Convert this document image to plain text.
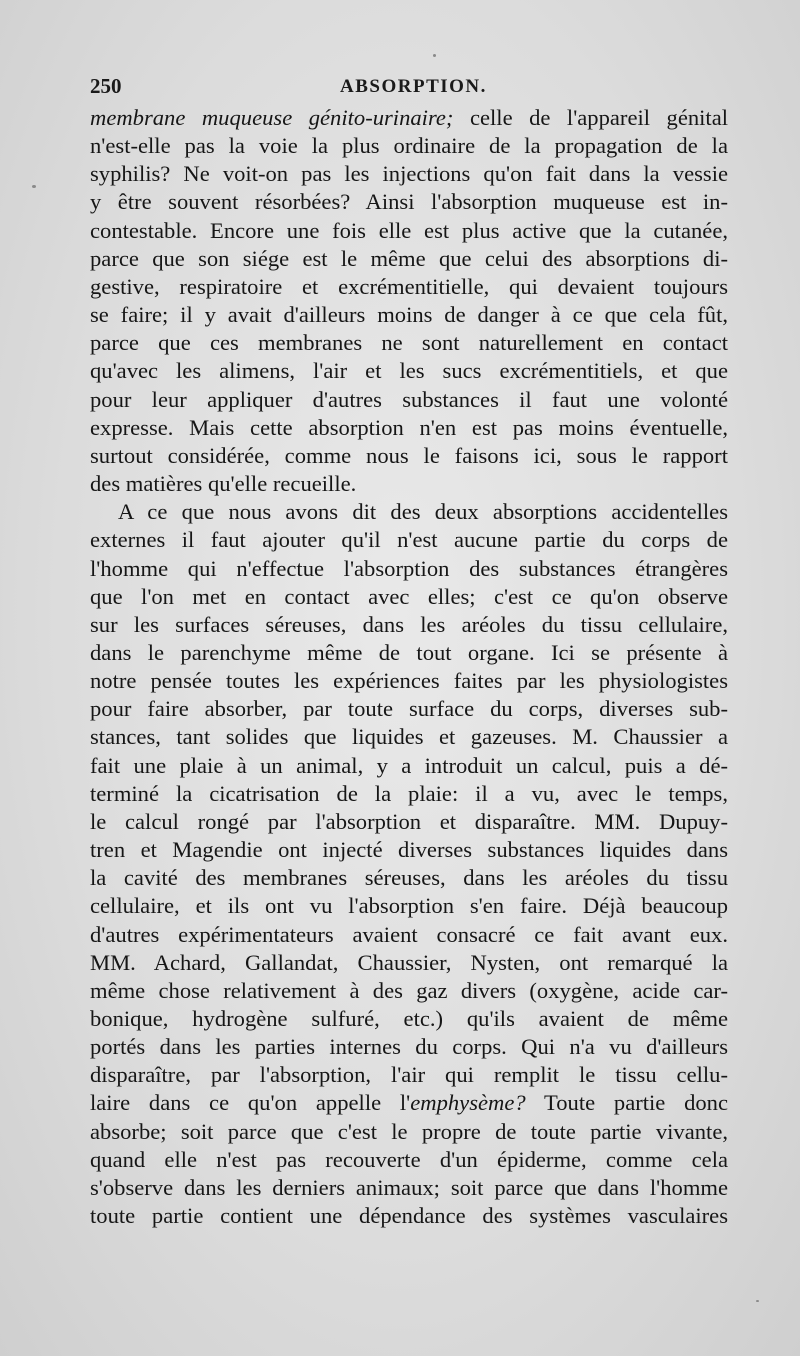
250	ABSORPTION.
membrane muqueuse génito-urinaire; celle de l'appareil génital
n'est-elle pas la voie la plus ordinaire de la propagation de la
syphilis? Ne voit-on pas les injections qu'on fait dans la vessie
y être souvent résorbées? Ainsi l'absorption muqueuse est in-
contestable. Encore une fois elle est plus active que la cutanée,
parce que son siége est le même que celui des absorptions di-
gestive, respiratoire et excrémentitielle, qui devaient toujours
se faire; il y avait d'ailleurs moins de danger à ce que cela fût,
parce que ces membranes ne sont naturellement en contact
qu'avec les alimens, l'air et les sucs excrémentitiels, et que
pour leur appliquer d'autres substances il faut une volonté
expresse. Mais cette absorption n'en est pas moins éventuelle,
surtout considérée, comme nous le faisons ici, sous le rapport
des matières qu'elle recueille.
A ce que nous avons dit des deux absorptions accidentelles
externes il faut ajouter qu'il n'est aucune partie du corps de
l'homme qui n'effectue l'absorption des substances étrangères
que l'on met en contact avec elles; c'est ce qu'on observe
sur les surfaces séreuses, dans les aréoles du tissu cellulaire,
dans le parenchyme même de tout organe. Ici se présente à
notre pensée toutes les expériences faites par les physiologistes
pour faire absorber, par toute surface du corps, diverses sub-
stances, tant solides que liquides et gazeuses. M. Chaussier a
fait une plaie à un animal, y a introduit un calcul, puis a dé-
terminé la cicatrisation de la plaie: il a vu, avec le temps,
le calcul rongé par l'absorption et disparaître. MM. Dupuy-
tren et Magendie ont injecté diverses substances liquides dans
la cavité des membranes séreuses, dans les aréoles du tissu
cellulaire, et ils ont vu l'absorption s'en faire. Déjà beaucoup
d'autres expérimentateurs avaient consacré ce fait avant eux.
MM. Achard, Gallandat, Chaussier, Nysten, ont remarqué la
même chose relativement à des gaz divers (oxygène, acide car-
bonique, hydrogène sulfuré, etc.) qu'ils avaient de même
portés dans les parties internes du corps. Qui n'a vu d'ailleurs
disparaître, par l'absorption, l'air qui remplit le tissu cellu-
laire dans ce qu'on appelle l'emphysème? Toute partie donc
absorbe; soit parce que c'est le propre de toute partie vivante,
quand elle n'est pas recouverte d'un épiderme, comme cela
s'observe dans les derniers animaux; soit parce que dans l'homme
toute partie contient une dépendance des systèmes vasculaires
